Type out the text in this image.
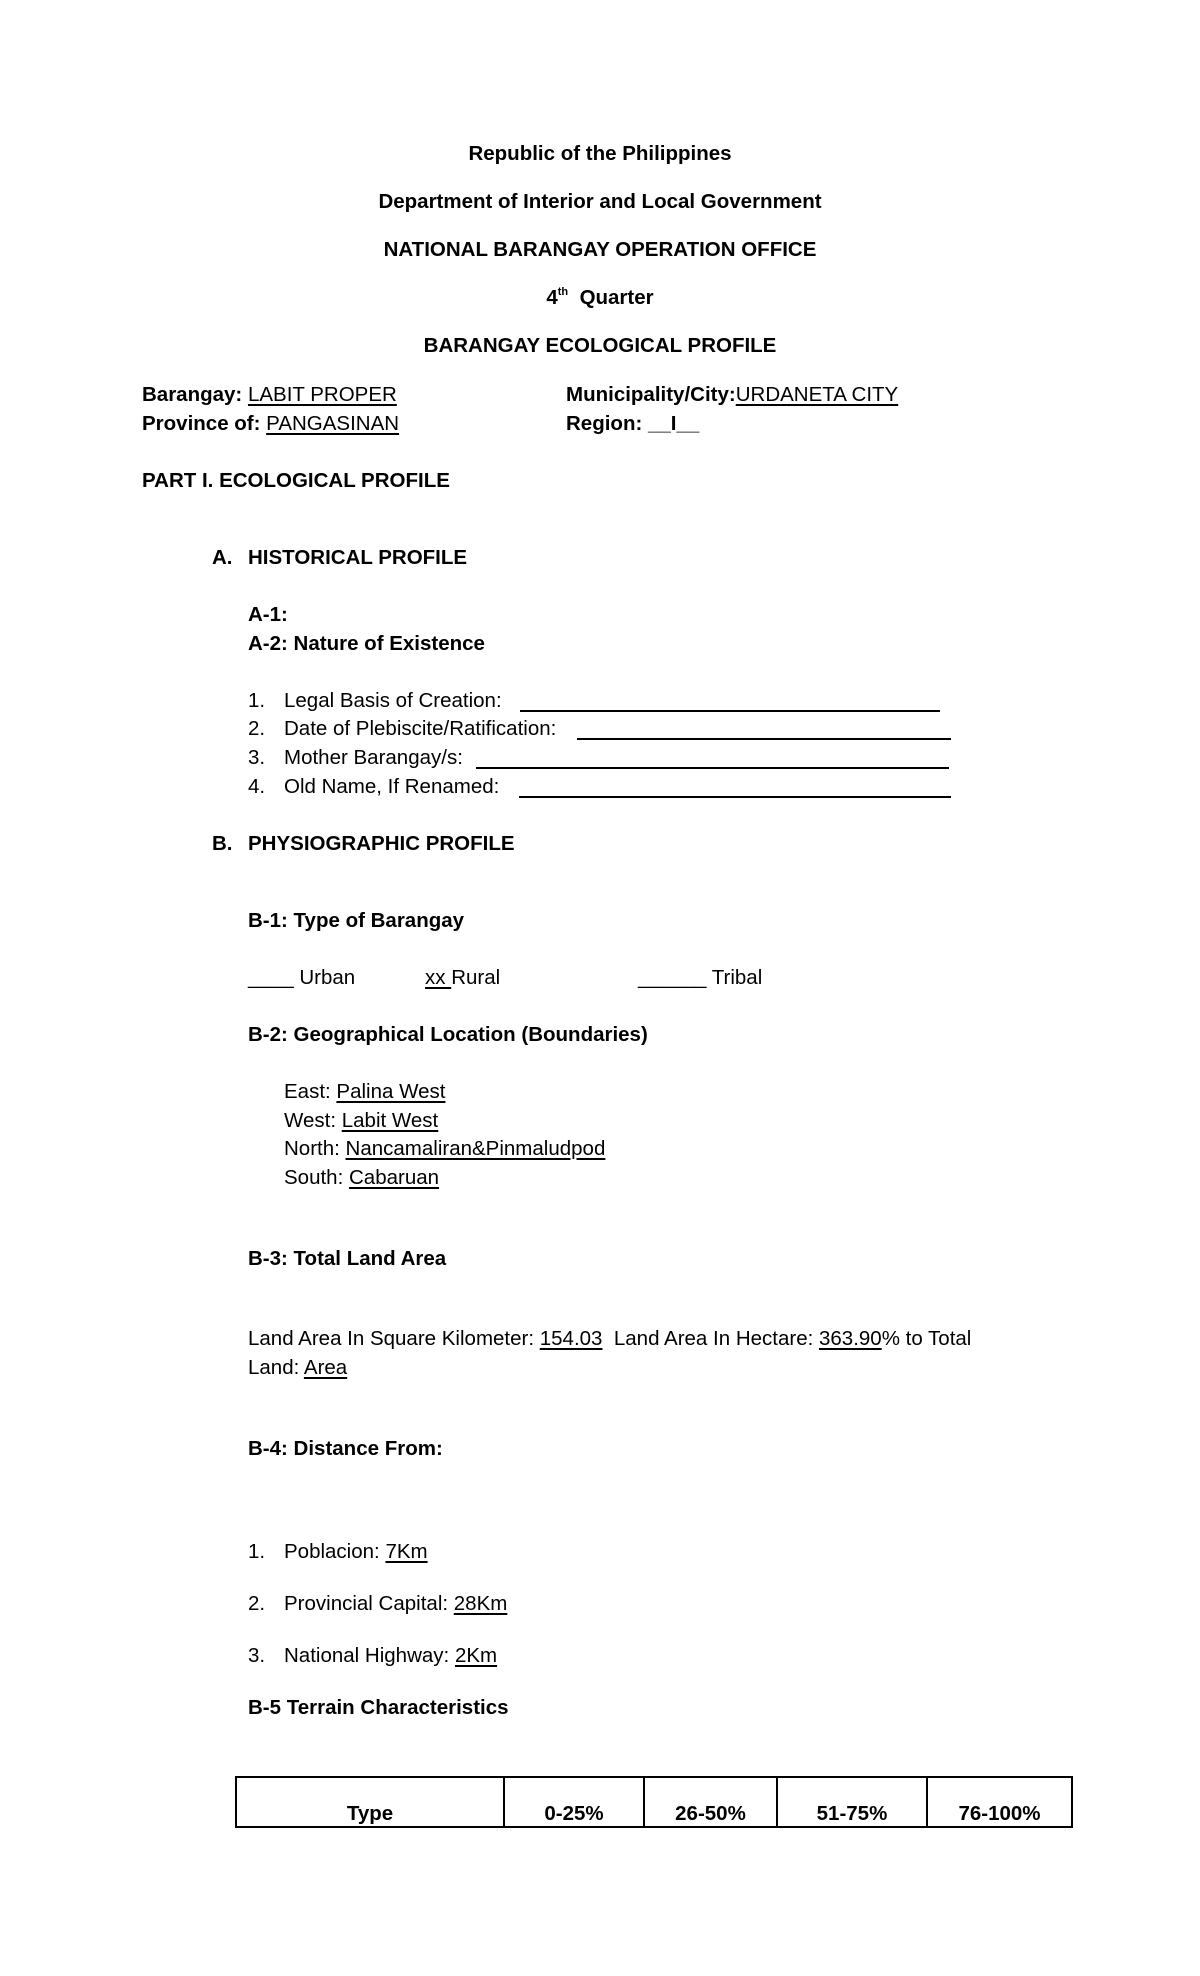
Republic of the Philippines
Department of Interior and Local Government
NATIONAL BARANGAY OPERATION OFFICE
4th Quarter
BARANGAY ECOLOGICAL PROFILE
Barangay: LABIT PROPER	Municipality/City:URDANETA CITY
Province of: PANGASINAN	Region: __I__
PART I. ECOLOGICAL PROFILE
A. HISTORICAL PROFILE
A-1:
A-2: Nature of Existence
1. Legal Basis of Creation:
2. Date of Plebiscite/Ratification:
3. Mother Barangay/s:
4. Old Name, If Renamed:
B. PHYSIOGRAPHIC PROFILE
B-1: Type of Barangay
____ Urban	xx Rural	______ Tribal
B-2: Geographical Location (Boundaries)
East: Palina West
West: Labit West
North: Nancamaliran&Pinmaludpod
South: Cabaruan
B-3: Total Land Area
Land Area In Square Kilometer: 154.03 Land Area In Hectare: 363.90% to Total
Land: Area
B-4: Distance From:
1. Poblacion: 7Km
2. Provincial Capital: 28Km
3. National Highway: 2Km
B-5 Terrain Characteristics
Type	0-25%	26-50%	51-75%	76-100%
